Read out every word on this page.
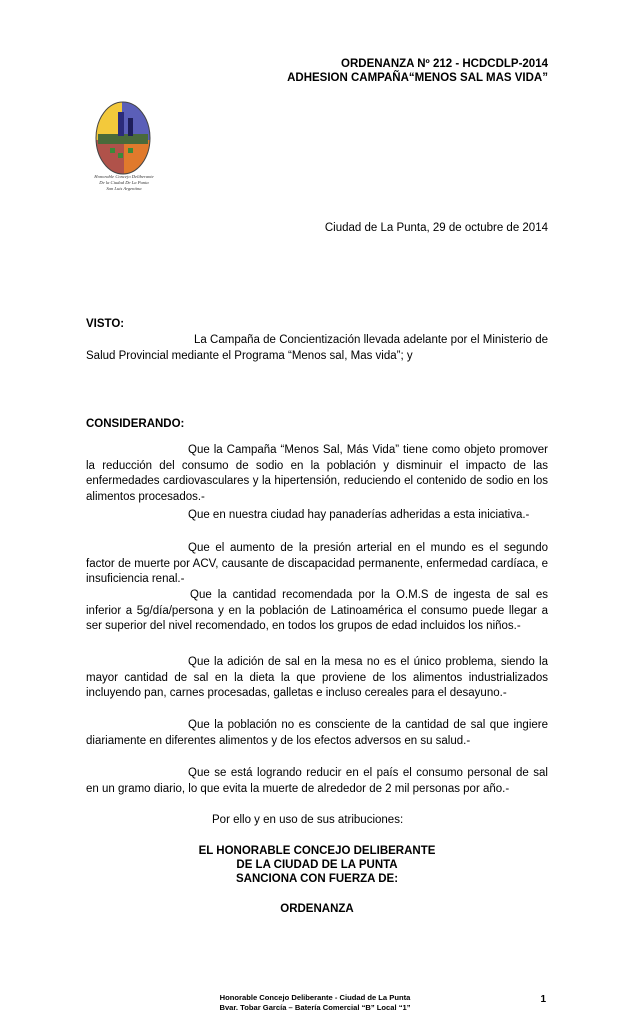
ORDENANZA Nº 212 - HCDCDLP-2014
ADHESION CAMPAÑA“MENOS SAL MAS VIDA”
Honorable Concejo Deliberante
De la Ciudad De La Punta
San Luis Argentina
Ciudad de La Punta, 29 de octubre de 2014
VISTO:

La Campaña de Concientización llevada adelante por el Ministerio de Salud Provincial mediante el Programa “Menos sal, Mas vida”; y

CONSIDERANDO:

Que la Campaña “Menos Sal, Más Vida” tiene como objeto promover la reducción del consumo de sodio en la población y disminuir el impacto de las enfermedades cardiovasculares y la hipertensión, reduciendo el contenido de sodio en los alimentos procesados.-

Que en nuestra ciudad hay panaderías adheridas a esta iniciativa.-

Que el aumento de la presión arterial en el mundo es el segundo factor de muerte por ACV, causante de discapacidad permanente, enfermedad cardíaca, e insuficiencia renal.-

Que la cantidad recomendada por la O.M.S de ingesta de sal es inferior a 5g/día/persona y en la población de Latinoamérica el consumo puede llegar a ser superior del nivel recomendado, en todos los grupos de edad incluidos los niños.-

Que la adición de sal en la mesa no es el único problema, siendo la mayor cantidad de sal en la dieta la que proviene de los alimentos industrializados incluyendo pan, carnes procesadas, galletas e incluso cereales para el desayuno.-

Que la población no es consciente de la cantidad de sal que ingiere diariamente en diferentes alimentos y de los efectos adversos en su salud.-

Que se está logrando reducir en el país el consumo personal de sal en un gramo diario, lo que evita la muerte de alrededor de 2 mil personas por año.-

Por ello y en uso de sus atribuciones:
EL HONORABLE CONCEJO DELIBERANTE
DE LA CIUDAD DE LA PUNTA
SANCIONA CON FUERZA DE:
ORDENANZA
Honorable Concejo Deliberante - Ciudad de La Punta
Bvar. Tobar García – Batería Comercial “B” Local “1”
1
